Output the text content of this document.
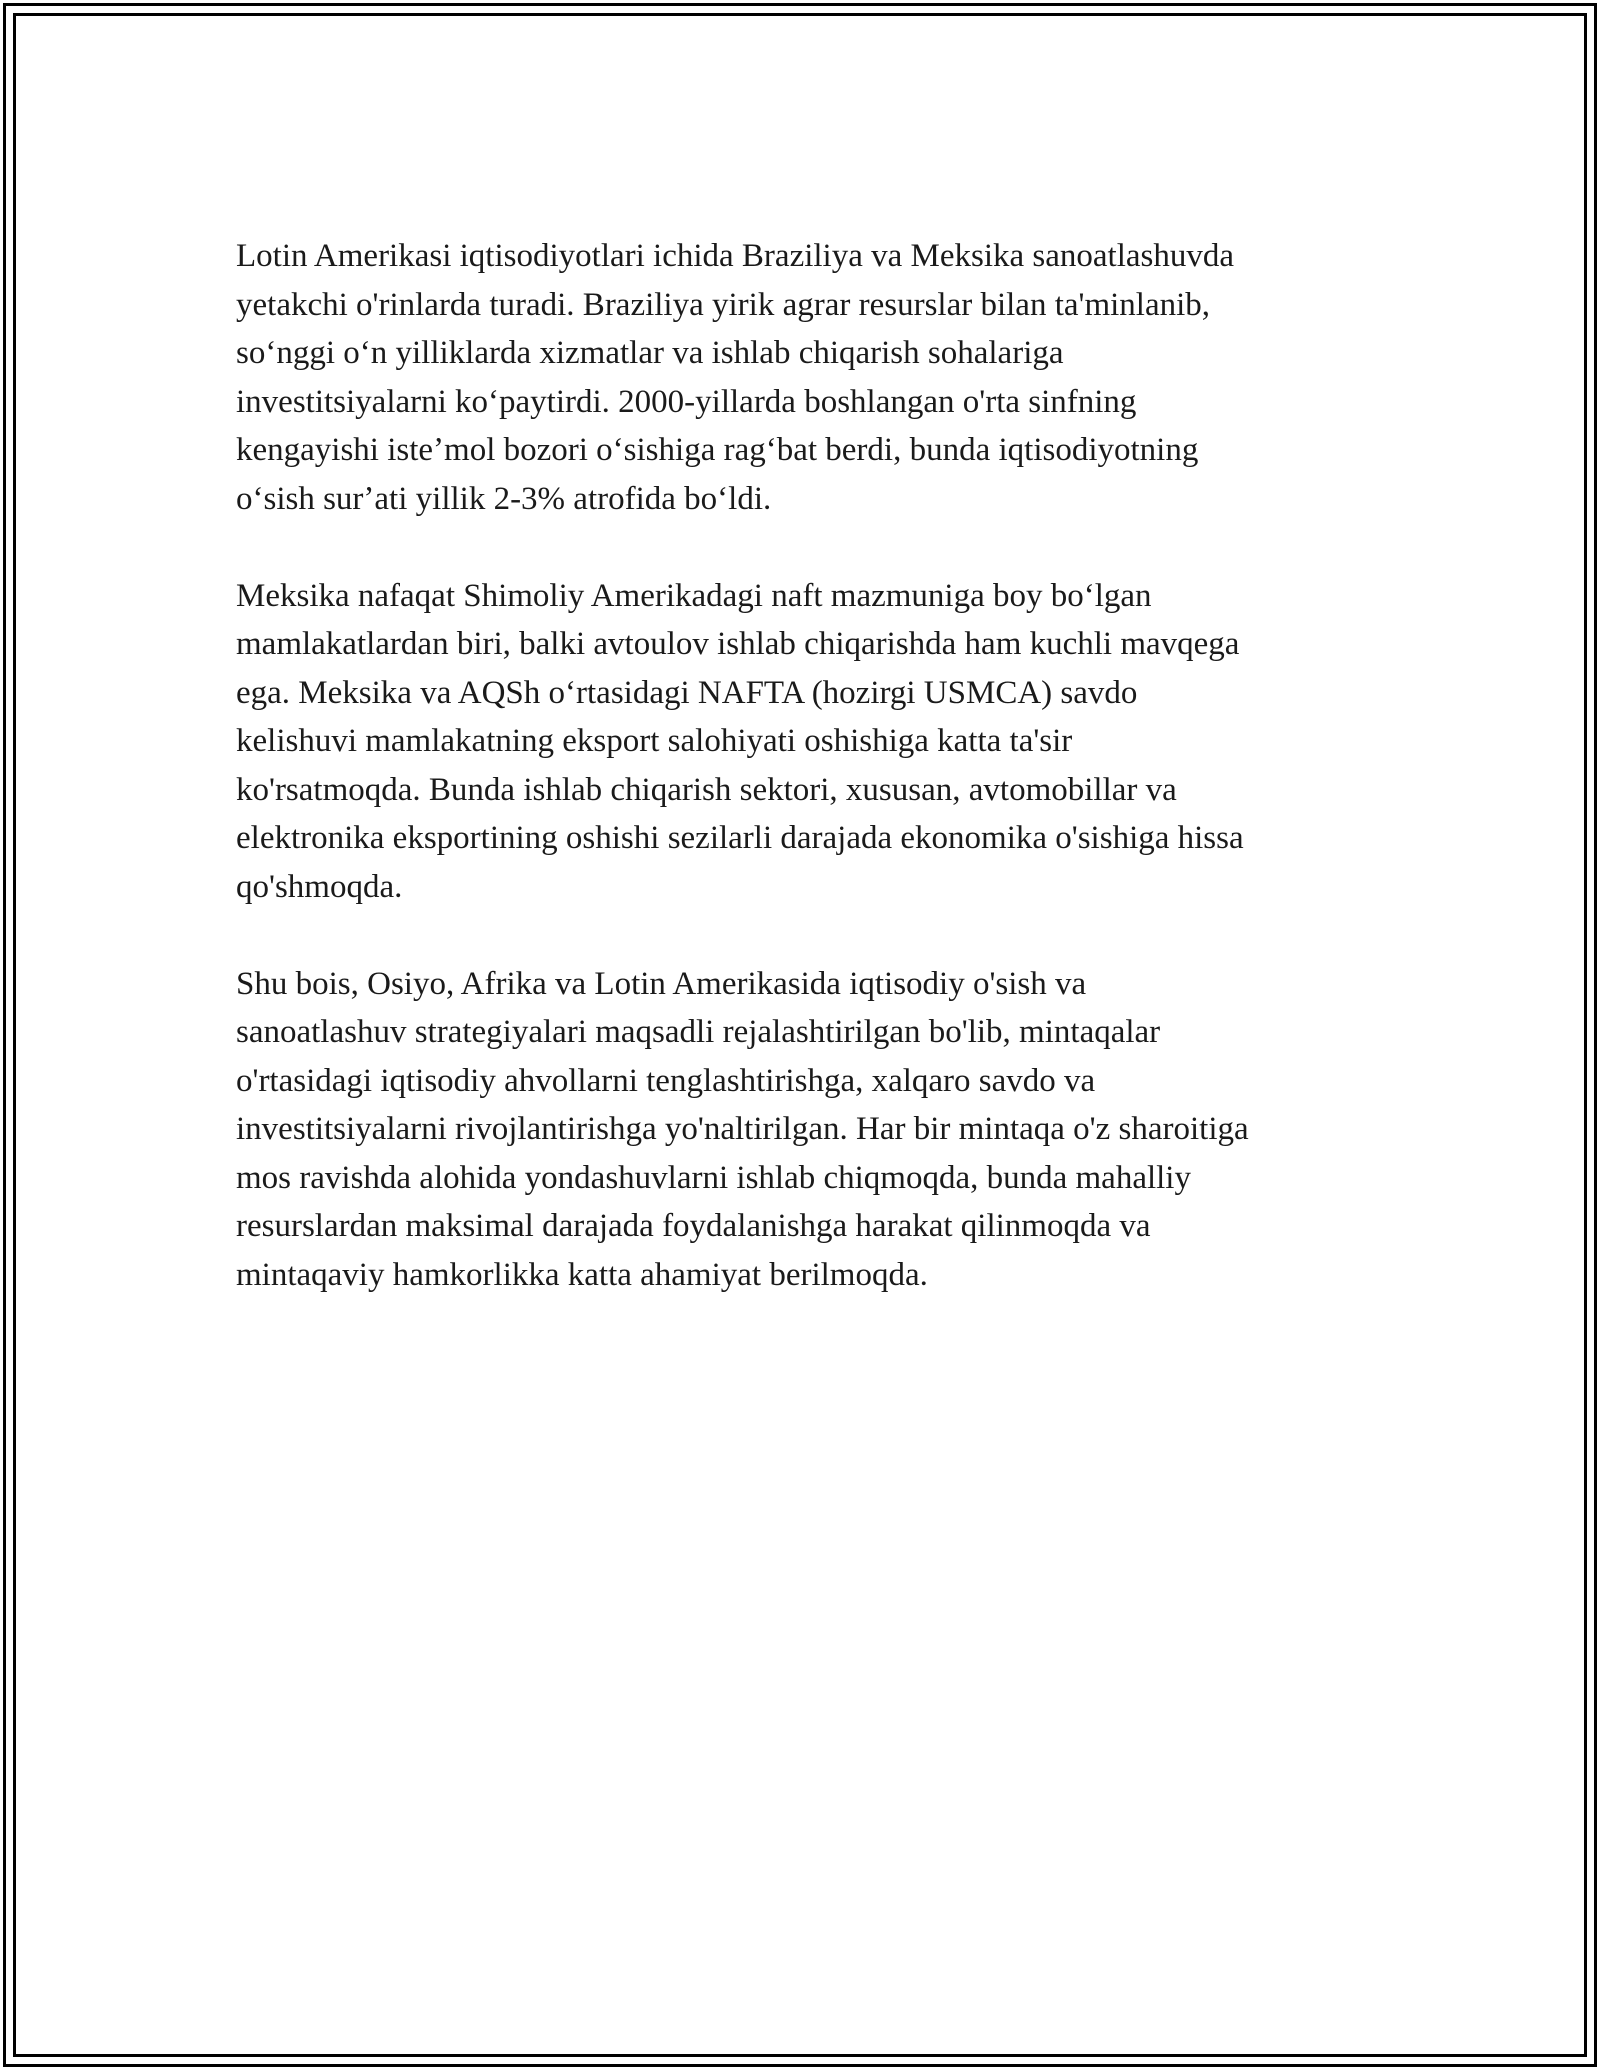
Lotin Amerikasi iqtisodiyotlari ichida Braziliya va Meksika sanoatlashuvda
yetakchi o'rinlarda turadi. Braziliya yirik agrar resurslar bilan ta'minlanib,
soʻnggi oʻn yilliklarda xizmatlar va ishlab chiqarish sohalariga
investitsiyalarni koʻpaytirdi. 2000-yillarda boshlangan o'rta sinfning
kengayishi isteʼmol bozori oʻsishiga ragʻbat berdi, bunda iqtisodiyotning
oʻsish surʼati yillik 2-3% atrofida boʻldi.

Meksika nafaqat Shimoliy Amerikadagi naft mazmuniga boy boʻlgan
mamlakatlardan biri, balki avtoulov ishlab chiqarishda ham kuchli mavqega
ega. Meksika va AQSh oʻrtasidagi NAFTA (hozirgi USMCA) savdo
kelishuvi mamlakatning eksport salohiyati oshishiga katta ta'sir
ko'rsatmoqda. Bunda ishlab chiqarish sektori, xususan, avtomobillar va
elektronika eksportining oshishi sezilarli darajada ekonomika o'sishiga hissa
qo'shmoqda.

Shu bois, Osiyo, Afrika va Lotin Amerikasida iqtisodiy o'sish va
sanoatlashuv strategiyalari maqsadli rejalashtirilgan bo'lib, mintaqalar
o'rtasidagi iqtisodiy ahvollarni tenglashtirishga, xalqaro savdo va
investitsiyalarni rivojlantirishga yo'naltirilgan. Har bir mintaqa o'z sharoitiga
mos ravishda alohida yondashuvlarni ishlab chiqmoqda, bunda mahalliy
resurslardan maksimal darajada foydalanishga harakat qilinmoqda va
mintaqaviy hamkorlikka katta ahamiyat berilmoqda.
